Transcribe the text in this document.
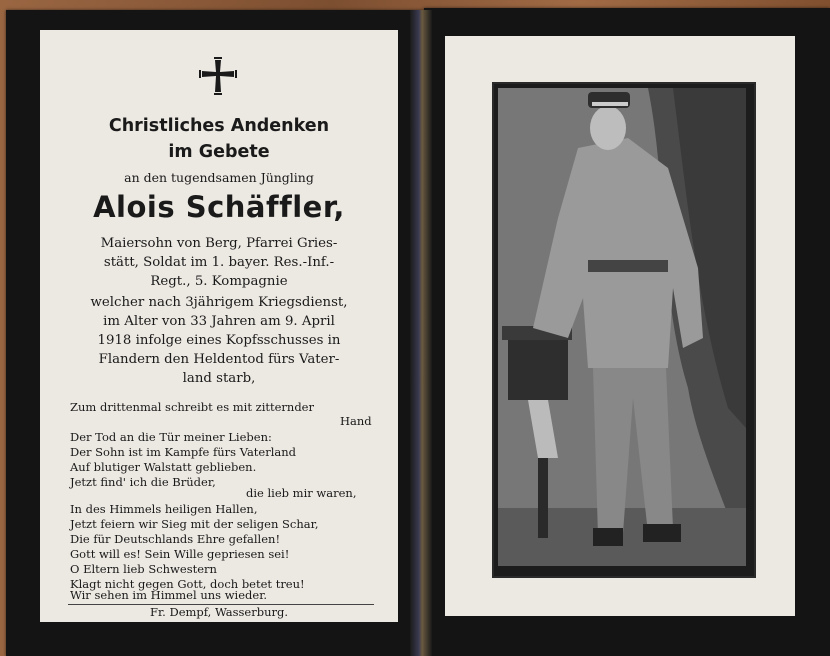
Christliches Andenken
im Gebete
an den tugendsamen Jüngling
Alois Schäffler,
Maiersohn von Berg, Pfarrei Gries-
stätt, Soldat im 1. bayer. Res.-Inf.-
Regt., 5. Kompagnie
welcher nach 3jährigem Kriegsdienst,
im Alter von 33 Jahren am 9. April
1918 infolge eines Kopfsschusses in
Flandern den Heldentod fürs Vater-
land starb,
Zum drittenmal schreibt es mit zitternder
Hand
Der Tod an die Tür meiner Lieben:
Der Sohn ist im Kampfe fürs Vaterland
Auf blutiger Walstatt geblieben.
Jetzt find' ich die Brüder,
die lieb mir waren,
In des Himmels heiligen Hallen,
Jetzt feiern wir Sieg mit der seligen Schar,
Die für Deutschlands Ehre gefallen!
Gott will es! Sein Wille gepriesen sei!
O Eltern lieb Schwestern
Klagt nicht gegen Gott, doch betet treu!
Wir sehen im Himmel uns wieder.
Fr. Dempf, Wasserburg.
